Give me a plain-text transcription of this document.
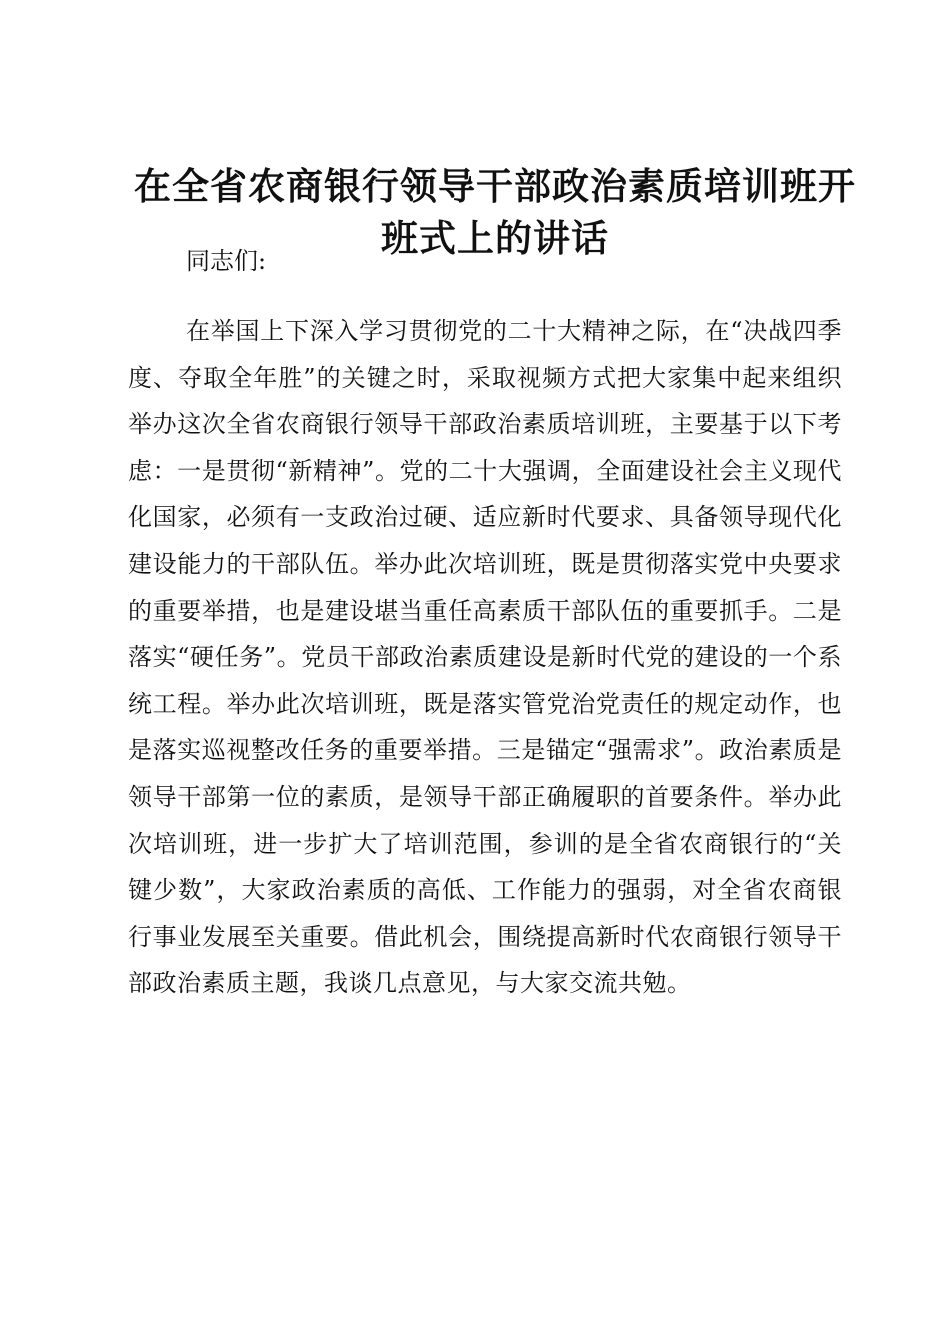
在全省农商银行领导干部政治素质培训班开班式上的讲话

同志们:

在举国上下深入学习贯彻党的二十大精神之际，在“决战四季度、夺取全年胜”的关键之时，采取视频方式把大家集中起来组织举办这次全省农商银行领导干部政治素质培训班，主要基于以下考虑：一是贯彻“新精神”。党的二十大强调，全面建设社会主义现代化国家，必须有一支政治过硬、适应新时代要求、具备领导现代化建设能力的干部队伍。举办此次培训班，既是贯彻落实党中央要求的重要举措，也是建设堪当重任高素质干部队伍的重要抓手。二是落实“硬任务”。党员干部政治素质建设是新时代党的建设的一个系统工程。举办此次培训班，既是落实管党治党责任的规定动作，也是落实巡视整改任务的重要举措。三是锚定“强需求”。政治素质是领导干部第一位的素质，是领导干部正确履职的首要条件。举办此次培训班，进一步扩大了培训范围，参训的是全省农商银行的“关键少数”，大家政治素质的高低、工作能力的强弱，对全省农商银行事业发展至关重要。借此机会，围绕提高新时代农商银行领导干部政治素质主题，我谈几点意见，与大家交流共勉。
